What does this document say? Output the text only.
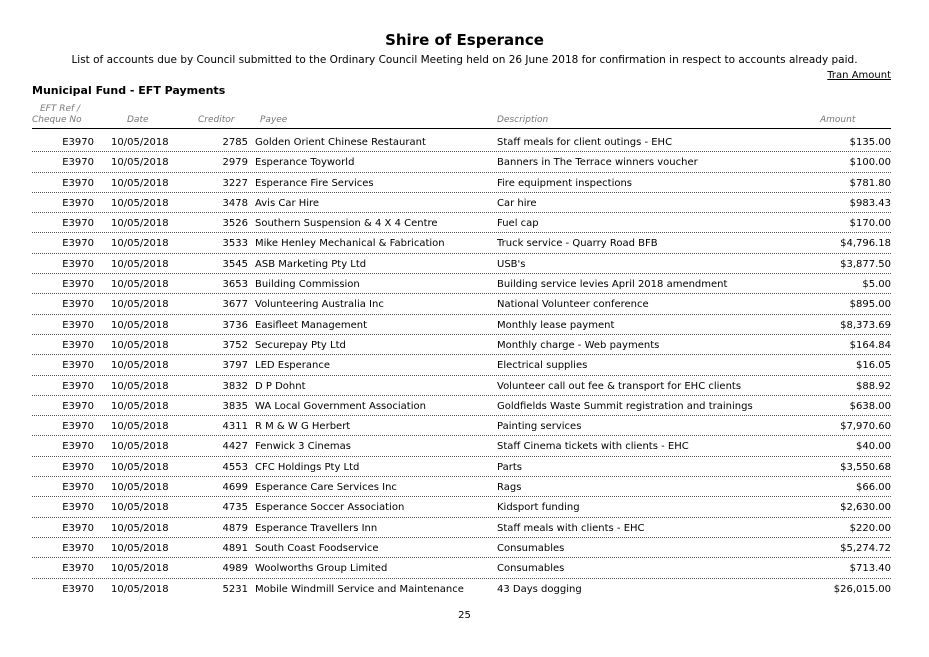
Shire of Esperance
List of accounts due by Council submitted to the Ordinary Council Meeting held on 26 June 2018 for confirmation in respect to accounts already paid.
Tran Amount
Municipal Fund - EFT Payments
EFT Ref /
Cheque No	Date	Creditor	Payee	Description	Amount
E3970 10/05/2018	2785 Golden Orient Chinese Restaurant	Staff meals for client outings - EHC	$135.00
E3970 10/05/2018	2979 Esperance Toyworld	Banners in The Terrace winners voucher	$100.00
E3970 10/05/2018	3227 Esperance Fire Services	Fire equipment inspections	$781.80
E3970 10/05/2018	3478 Avis Car Hire	Car hire	$983.43
E3970 10/05/2018	3526 Southern Suspension & 4 X 4 Centre	Fuel cap	$170.00
E3970 10/05/2018	3533 Mike Henley Mechanical & Fabrication	Truck service - Quarry Road BFB	$4,796.18
E3970 10/05/2018	3545 ASB Marketing Pty Ltd	USB's	$3,877.50
E3970 10/05/2018	3653 Building Commission	Building service levies April 2018 amendment	$5.00
E3970 10/05/2018	3677 Volunteering Australia Inc	National Volunteer conference	$895.00
E3970 10/05/2018	3736 Easifleet Management	Monthly lease payment	$8,373.69
E3970 10/05/2018	3752 Securepay Pty Ltd	Monthly charge - Web payments	$164.84
E3970 10/05/2018	3797 LED Esperance	Electrical supplies	$16.05
E3970 10/05/2018	3832 D P Dohnt	Volunteer call out fee & transport for EHC clients	$88.92
E3970 10/05/2018	3835 WA Local Government Association	Goldfields Waste Summit registration and trainings	$638.00
E3970 10/05/2018	4311 R M & W G Herbert	Painting services	$7,970.60
E3970 10/05/2018	4427 Fenwick 3 Cinemas	Staff Cinema tickets with clients - EHC	$40.00
E3970 10/05/2018	4553 CFC Holdings Pty Ltd	Parts	$3,550.68
E3970 10/05/2018	4699 Esperance Care Services Inc	Rags	$66.00
E3970 10/05/2018	4735 Esperance Soccer Association	Kidsport funding	$2,630.00
E3970 10/05/2018	4879 Esperance Travellers Inn	Staff meals with clients - EHC	$220.00
E3970 10/05/2018	4891 South Coast Foodservice	Consumables	$5,274.72
E3970 10/05/2018	4989 Woolworths Group Limited	Consumables	$713.40
E3970 10/05/2018	5231 Mobile Windmill Service and Maintenance	43 Days dogging	$26,015.00
25
